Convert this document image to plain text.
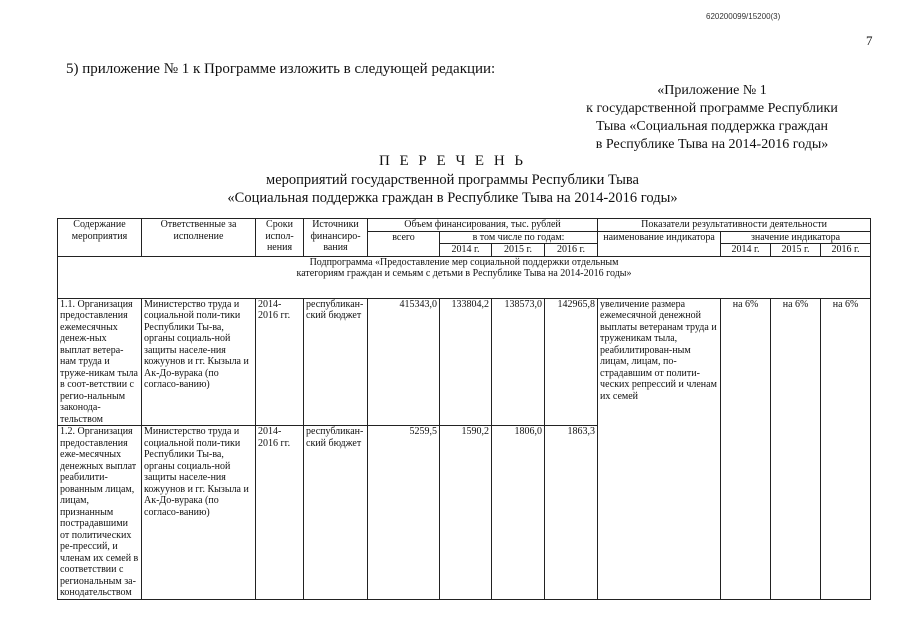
620200099/15200(3)
7
5) приложение № 1 к Программе изложить в следующей редакции:
«Приложение № 1
к государственной программе Республики
Тыва «Социальная поддержка граждан
в Республике Тыва на 2014-2016 годы»
П Е Р Е Ч Е Н Ь
мероприятий государственной программы Республики Тыва
«Социальная поддержка граждан в Республике Тыва на 2014-2016 годы»
Содержание мероприятия	Ответственные за исполнение	Сроки испол-нения	Источники финансиро-вания	Объем финансирования, тыс. рублей				Показатели результативности деятельности			
				всего	в том числе по годам:			наименование индикатора	значение индикатора		
					2014 г.	2015 г.	2016 г.		2014 г.	2015 г.	2016 г.

Подпрограмма «Предоставление мер социальной поддержки отдельным
категориям граждан и семьям с детьми в Республике Тыва на 2014-2016 годы»											

1.1. Организация предоставления ежемесячных денеж-ных выплат ветера-нам труда и труже-никам тыла в соот-ветствии с регио-нальным законода-тельством	Министерство труда и социальной поли-тики Республики Ты-ва, органы социаль-ной защиты населе-ния кожуунов и гг. Кызыла и Ак-До-вурака (по согласо-ванию)	2014-2016 гг.	республикан-ский бюджет	415343,0	133804,2	138573,0	142965,8	увеличение размера ежемесячной денежной выплаты ветеранам труда и труженикам тыла, реабилитирован-ным лицам, лицам, по-страдавшим от полити-ческих репрессий и членам их семей	на 6%	на 6%	на 6%
1.2. Организация предоставления еже-месячных денежных выплат реабилити-рованным лицам, лицам, признанным пострадавшими от политических ре-прессий, и членам их семей в соответствии с региональным за-конодательством	Министерство труда и социальной поли-тики Республики Ты-ва, органы социаль-ной защиты населе-ния кожуунов и гг. Кызыла и Ак-До-вурака (по согласо-ванию)	2014-2016 гг.	республикан-ский бюджет	5259,5	1590,2	1806,0	1863,3				
